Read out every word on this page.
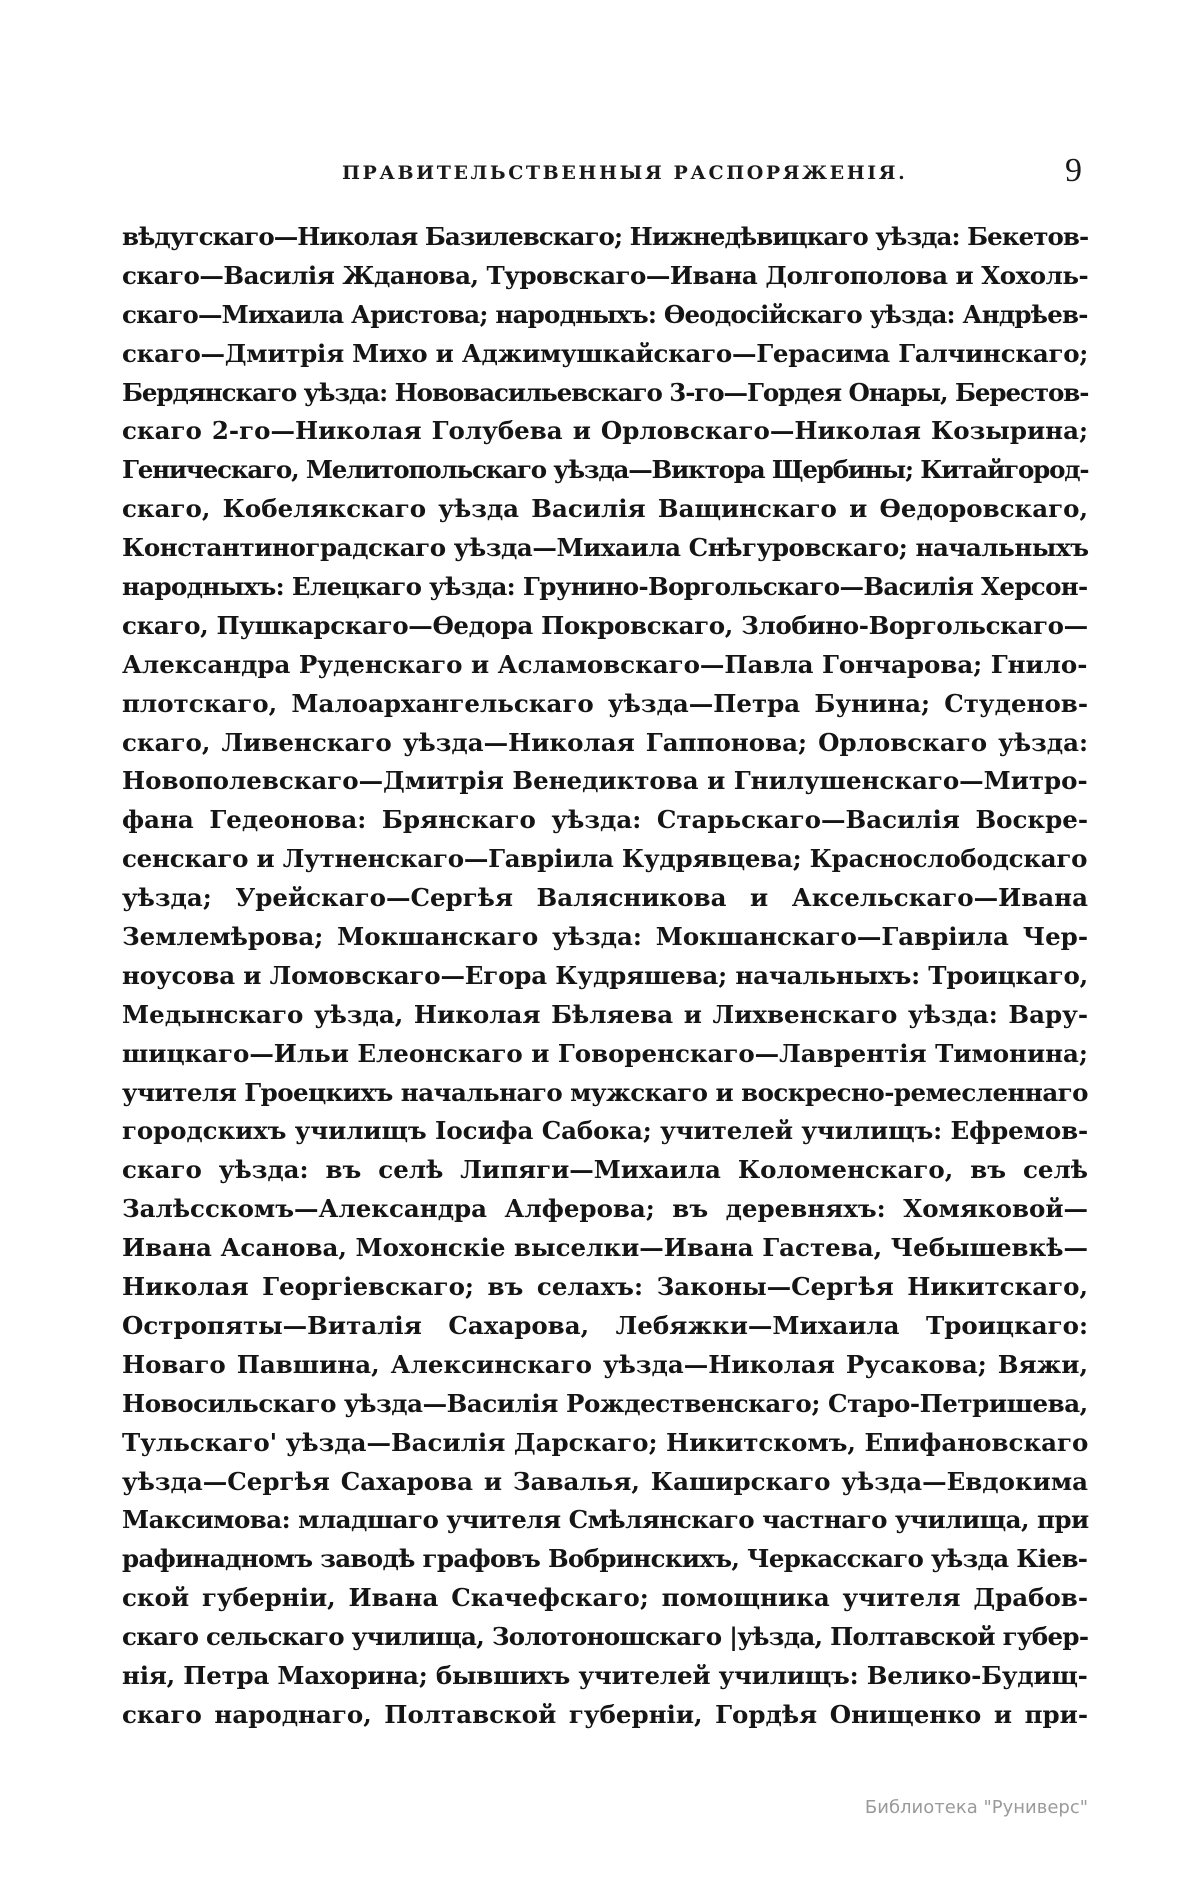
ПРАВИТЕЛЬСТВЕННЫЯ РАСПОРЯЖЕНІЯ.	9
вѣдугскаго—Николая Базилевскаго; Нижнедѣвицкаго уѣзда: Бекетов-
скаго—Василія Жданова, Туровскаго—Ивана Долгополова и Хохоль-
скаго—Михаила Аристова; народныхъ: Ѳеодосійскаго уѣзда: Андрѣев-
скаго—Дмитрія Михо и Аджимушкайскаго—Герасима Галчинскаго;
Бердянскаго уѣзда: Нововасильевскаго 3-го—Гордея Онары, Берестов-
скаго 2-го—Николая Голубева и Орловскаго—Николая Козырина;
Геническаго, Мелитопольскаго уѣзда—Виктора Щербины; Китайгород-
скаго, Кобелякскаго уѣзда Василія Ващинскаго и Ѳедоровскаго,
Константиноградскаго уѣзда—Михаила Снѣгуровскаго; начальныхъ
народныхъ: Елецкаго уѣзда: Грунино-Воргольскаго—Василія Херсон-
скаго, Пушкарскаго—Ѳедора Покровскаго, Злобино-Воргольскаго—
Александра Руденскаго и Асламовскаго—Павла Гончарова; Гнило-
плотскаго, Малоархангельскаго уѣзда—Петра Бунина; Студенов-
скаго, Ливенскаго уѣзда—Николая Гаппонова; Орловскаго уѣзда:
Новополевскаго—Дмитрія Венедиктова и Гнилушенскаго—Митро-
фана Гедеонова: Брянскаго уѣзда: Старьскаго—Василія Воскре-
сенскаго и Лутненскаго—Гаврiила Кудрявцева; Краснослободскаго
уѣзда; Урейскаго—Сергѣя Валясникова и Аксельскаго—Ивана
Землемѣрова; Мокшанскаго уѣзда: Мокшанскаго—Гаврiила Чер-
ноусова и Ломовскаго—Егора Кудряшева; начальныхъ: Троицкаго,
Медынскаго уѣзда, Николая Бѣляева и Лихвенскаго уѣзда: Вару-
шицкаго—Ильи Елеонскаго и Говоренскаго—Лаврентія Тимонина;
учителя Гроецкихъ начальнаго мужскаго и воскресно-ремесленнаго
городскихъ училищъ Іосифа Сабока; учителей училищъ: Ефремов-
скаго уѣзда: въ селѣ Липяги—Михаила Коломенскаго, въ селѣ
Залѣсскомъ—Александра Алферова; въ деревняхъ: Хомяковой—
Ивана Асанова, Мохонскiе выселки—Ивана Гастева, Чебышевкѣ—
Николая Георгiевскаго; въ селахъ: Законы—Сергѣя Никитскаго,
Остропяты—Виталія Сахарова, Лебяжки—Михаила Троицкаго:
Новаго Павшина, Алексинскаго уѣзда—Николая Русакова; Вяжи,
Новосильскаго уѣзда—Василія Рождественскаго; Старо-Петришева,
Тульскаго' уѣзда—Василія Дарскаго; Никитскомъ, Епифановскаго
уѣзда—Сергѣя Сахарова и Завалья, Каширскаго уѣзда—Евдокима
Максимова: младшаго учителя Смѣлянскаго частнаго училища, при
рафинадномъ заводѣ графовъ Вобринскихъ, Черкасскаго уѣзда Кіев-
ской губерніи, Ивана Скачефскаго; помощника учителя Драбов-
скаго сельскаго училища, Золотоношскаго |уѣзда, Полтавской губер-
нія, Петра Махорина; бывшихъ учителей училищъ: Велико-Будищ-
скаго народнаго, Полтавской губерніи, Гордѣя Онищенко и при-
Библиотека "Руниверс"
